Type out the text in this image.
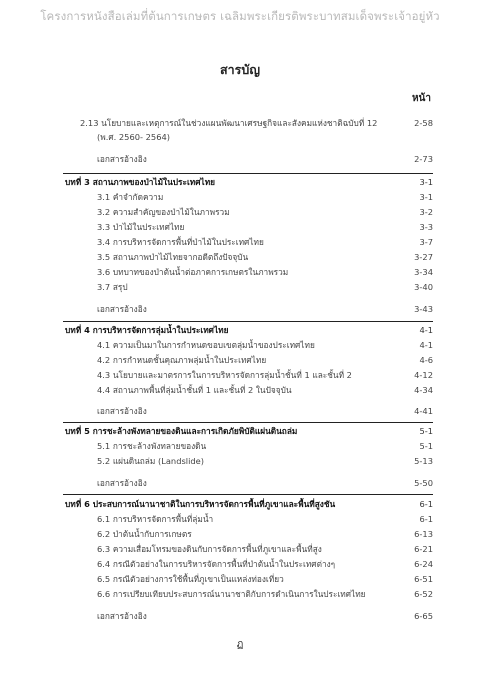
โครงการหนังสือเล่มที่ต้นการเกษตร เฉลิมพระเกียรติพระบาทสมเด็จพระเจ้าอยู่หัว
สารบัญ
หน้า
2.13 นโยบายและเหตุการณ์ในช่วงแผนพัฒนาเศรษฐกิจและสังคมแห่งชาติฉบับที่ 12	2-58
(พ.ศ. 2560- 2564)
เอกสารอ้างอิง	2-73
บทที่ 3 สถานภาพของป่าไม้ในประเทศไทย	3-1
3.1 คำจำกัดความ	3-1
3.2 ความสำคัญของป่าไม้ในภาพรวม	3-2
3.3 ป่าไม้ในประเทศไทย	3-3
3.4 การบริหารจัดการพื้นที่ป่าไม้ในประเทศไทย	3-7
3.5 สถานภาพป่าไม้ไทยจากอดีตถึงปัจจุบัน	3-27
3.6 บทบาทของป่าต้นน้ำต่อภาคการเกษตรในภาพรวม	3-34
3.7 สรุป	3-40
เอกสารอ้างอิง	3-43
บทที่ 4 การบริหารจัดการลุ่มน้ำในประเทศไทย	4-1
4.1 ความเป็นมาในการกำหนดขอบเขตลุ่มน้ำของประเทศไทย	4-1
4.2 การกำหนดชั้นคุณภาพลุ่มน้ำในประเทศไทย	4-6
4.3 นโยบายและมาตรการในการบริหารจัดการลุ่มน้ำชั้นที่ 1 และชั้นที่ 2	4-12
4.4 สถานภาพพื้นที่ลุ่มน้ำชั้นที่ 1 และชั้นที่ 2 ในปัจจุบัน	4-34
เอกสารอ้างอิง	4-41
บทที่ 5 การชะล้างพังทลายของดินและการเกิดภัยพิบัติแผ่นดินถล่ม	5-1
5.1 การชะล้างพังทลายของดิน	5-1
5.2 แผ่นดินถล่ม (Landslide)	5-13
เอกสารอ้างอิง	5-50
บทที่ 6 ประสบการณ์นานาชาติในการบริหารจัดการพื้นที่ภูเขาและพื้นที่สูงชัน	6-1
6.1 การบริหารจัดการพื้นที่ลุ่มน้ำ	6-1
6.2 ป่าต้นน้ำกับการเกษตร	6-13
6.3 ความเสื่อมโทรมของดินกับการจัดการพื้นที่ภูเขาและพื้นที่สูง	6-21
6.4 กรณีตัวอย่างในการบริหารจัดการพื้นที่ป่าต้นน้ำในประเทศต่างๆ	6-24
6.5 กรณีตัวอย่างการใช้พื้นที่ภูเขาเป็นแหล่งท่องเที่ยว	6-51
6.6 การเปรียบเทียบประสบการณ์นานาชาติกับการดำเนินการในประเทศไทย	6-52
เอกสารอ้างอิง	6-65
ฏ
